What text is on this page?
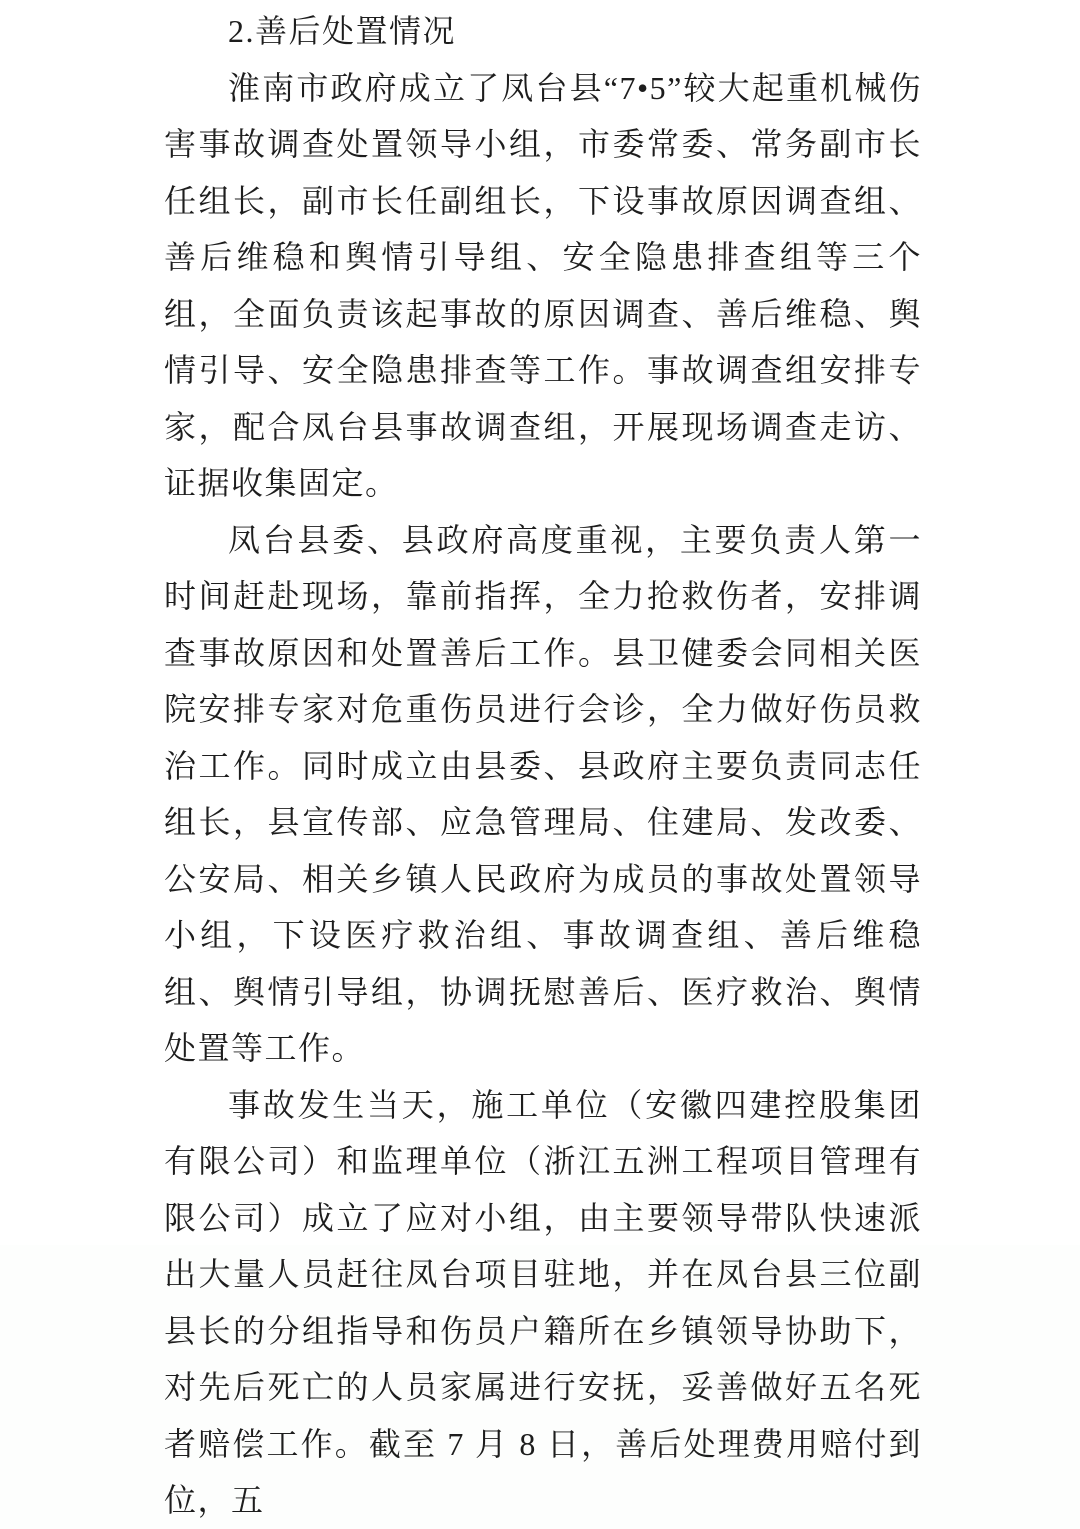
2.善后处置情况

淮南市政府成立了凤台县“7•5”较大起重机械伤害事故调查处置领导小组，市委常委、常务副市长任组长，副市长任副组长，下设事故原因调查组、善后维稳和舆情引导组、安全隐患排查组等三个组，全面负责该起事故的原因调查、善后维稳、舆情引导、安全隐患排查等工作。事故调查组安排专家，配合凤台县事故调查组，开展现场调查走访、证据收集固定。

凤台县委、县政府高度重视，主要负责人第一时间赶赴现场，靠前指挥，全力抢救伤者，安排调查事故原因和处置善后工作。县卫健委会同相关医院安排专家对危重伤员进行会诊，全力做好伤员救治工作。同时成立由县委、县政府主要负责同志任组长，县宣传部、应急管理局、住建局、发改委、公安局、相关乡镇人民政府为成员的事故处置领导小组，下设医疗救治组、事故调查组、善后维稳组、舆情引导组，协调抚慰善后、医疗救治、舆情处置等工作。

事故发生当天，施工单位（安徽四建控股集团有限公司）和监理单位（浙江五洲工程项目管理有限公司）成立了应对小组，由主要领导带队快速派出大量人员赶往凤台项目驻地，并在凤台县三位副县长的分组指导和伤员户籍所在乡镇领导协助下，对先后死亡的人员家属进行安抚，妥善做好五名死者赔偿工作。截至 7 月 8 日，善后处理费用赔付到位，五
